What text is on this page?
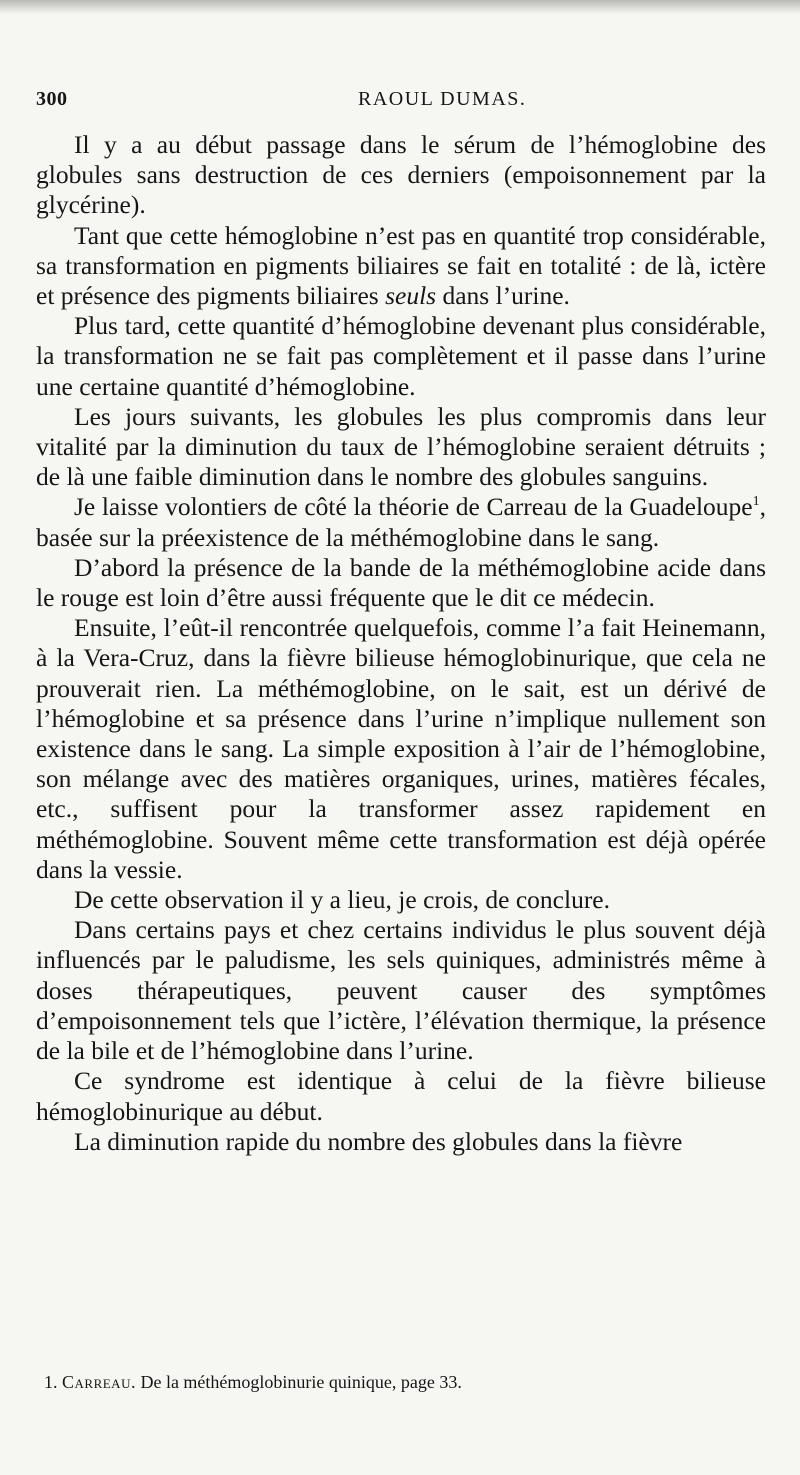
300	RAOUL DUMAS.

Il y a au début passage dans le sérum de l’hémoglobine des globules sans destruction de ces derniers (empoisonnement par la glycérine).

Tant que cette hémoglobine n’est pas en quantité trop considérable, sa transformation en pigments biliaires se fait en totalité : de là, ictère et présence des pigments biliaires seuls dans l’urine.

Plus tard, cette quantité d’hémoglobine devenant plus considérable, la transformation ne se fait pas complètement et il passe dans l’urine une certaine quantité d’hémoglobine.

Les jours suivants, les globules les plus compromis dans leur vitalité par la diminution du taux de l’hémoglobine seraient détruits ; de là une faible diminution dans le nombre des globules sanguins.

Je laisse volontiers de côté la théorie de Carreau de la Guadeloupe$^1$, basée sur la préexistence de la méthémoglobine dans le sang.

D’abord la présence de la bande de la méthémoglobine acide dans le rouge est loin d’être aussi fréquente que le dit ce médecin.

Ensuite, l’eût-il rencontrée quelquefois, comme l’a fait Heinemann, à la Vera-Cruz, dans la fièvre bilieuse hémoglobinurique, que cela ne prouverait rien. La méthémoglobine, on le sait, est un dérivé de l’hémoglobine et sa présence dans l’urine n’implique nullement son existence dans le sang. La simple exposition à l’air de l’hémoglobine, son mélange avec des matières organiques, urines, matières fécales, etc., suffisent pour la transformer assez rapidement en méthémoglobine. Souvent même cette transformation est déjà opérée dans la vessie.

De cette observation il y a lieu, je crois, de conclure.

Dans certains pays et chez certains individus le plus souvent déjà influencés par le paludisme, les sels quiniques, administrés même à doses thérapeutiques, peuvent causer des symptômes d’empoisonnement tels que l’ictère, l’élévation thermique, la présence de la bile et de l’hémoglobine dans l’urine.

Ce syndrome est identique à celui de la fièvre bilieuse hémoglobinurique au début.

La diminution rapide du nombre des globules dans la fièvre

1. Carreau. De la méthémoglobinurie quinique, page 33.
